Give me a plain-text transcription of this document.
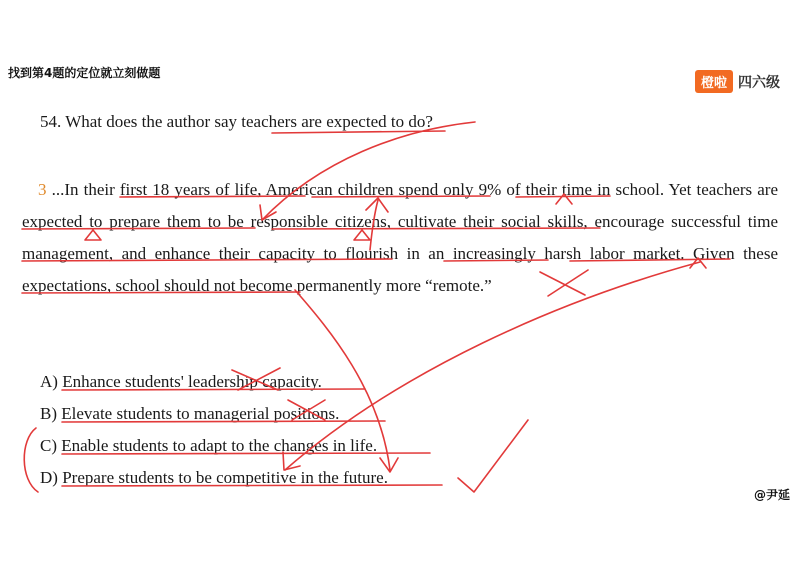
找到第4题的定位就立刻做题
橙啦 四六级
54. What does the author say teachers are expected to do?
3 ...In their first 18 years of life, American children spend only 9% of their time in school. Yet teachers are expected to prepare them to be responsible citizens, cultivate their social skills, encourage successful time management, and enhance their capacity to flourish in an increasingly harsh labor market. Given these expectations, school should not become permanently more “remote.”
A) Enhance students' leadership capacity.
B) Elevate students to managerial positions.
C) Enable students to adapt to the changes in life.
D) Prepare students to be competitive in the future.
@尹延
